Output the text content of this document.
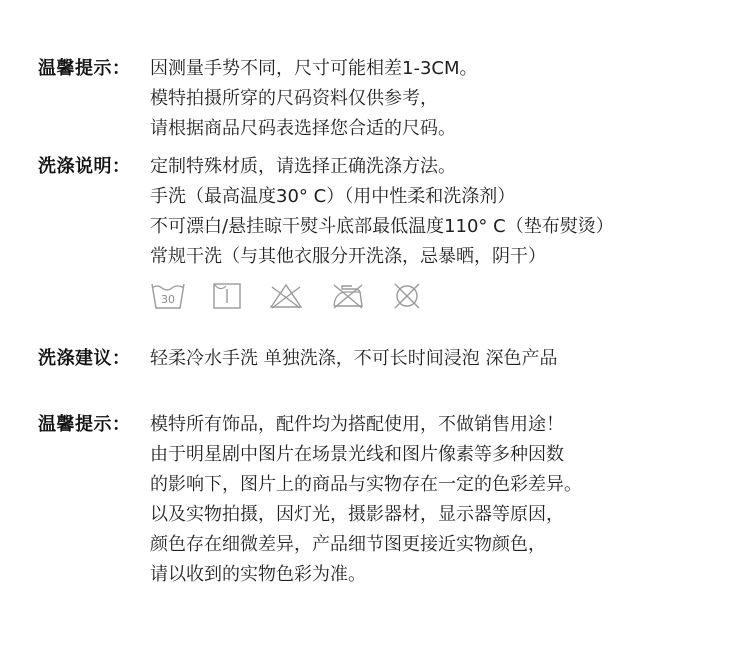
温馨提示：	因测量手势不同，尺寸可能相差1-3CM。
模特拍摄所穿的尺码资料仅供参考，
请根据商品尺码表选择您合适的尺码。
洗涤说明：	定制特殊材质，请选择正确洗涤方法。
手洗（最高温度30° C）（用中性柔和洗涤剂）
不可漂白/悬挂晾干熨斗底部最低温度110° C（垫布熨烫）
常规干洗（与其他衣服分开洗涤，忌暴晒，阴干）
30
洗涤建议：	轻柔冷水手洗 单独洗涤，不可长时间浸泡 深色产品
温馨提示：	模特所有饰品，配件均为搭配使用，不做销售用途！
由于明星剧中图片在场景光线和图片像素等多种因数
的影响下，图片上的商品与实物存在一定的色彩差异。
以及实物拍摄，因灯光，摄影器材，显示器等原因，
颜色存在细微差异，产品细节图更接近实物颜色，
请以收到的实物色彩为准。
